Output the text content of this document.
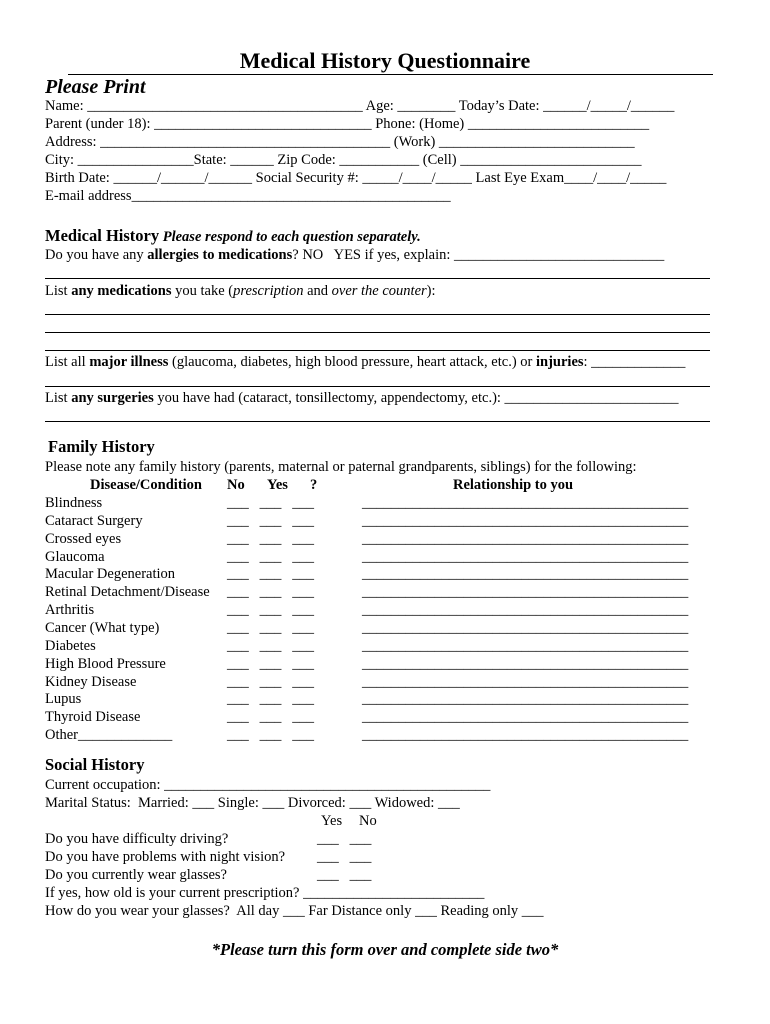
Medical History Questionnaire
Please Print
Name: ______________________________________ Age: ________ Today’s Date: ______/_____/______
Parent (under 18): ______________________________ Phone: (Home) _________________________
Address: ________________________________________ (Work) ___________________________
City: ________________State: ______ Zip Code: ___________ (Cell) _________________________
Birth Date: ______/______/______ Social Security #: _____/____/_____ Last Eye Exam____/____/_____
E-mail address____________________________________________
Medical History Please respond to each question separately.
Do you have any allergies to medications? NO   YES if yes, explain: _____________________________
List any medications you take (prescription and over the counter):
List all major illness (glaucoma, diabetes, high blood pressure, heart attack, etc.) or injuries: _____________
List any surgeries you have had (cataract, tonsillectomy, appendectomy, etc.): ________________________
Family History
Please note any family history (parents, maternal or paternal grandparents, siblings) for the following:
Disease/Condition No Yes ?	Relationship to you
Blindness	___   ___   ___	_____________________________________________
Cataract Surgery	___   ___   ___	_____________________________________________
Crossed eyes	___   ___   ___	_____________________________________________
Glaucoma	___   ___   ___	_____________________________________________
Macular Degeneration	___   ___   ___	_____________________________________________
Retinal Detachment/Disease ___   ___   ___	_____________________________________________
Arthritis	___   ___   ___	_____________________________________________
Cancer (What type)	___   ___   ___	_____________________________________________
Diabetes	___   ___   ___	_____________________________________________
High Blood Pressure	___   ___   ___	_____________________________________________
Kidney Disease	___   ___   ___	_____________________________________________
Lupus	___   ___   ___	_____________________________________________
Thyroid Disease	___   ___   ___	_____________________________________________
Other_____________	___   ___   ___	_____________________________________________
Social History
Current occupation: _____________________________________________
Marital Status:  Married: ___ Single: ___ Divorced: ___ Widowed: ___
Yes No
Do you have difficulty driving?	___   ___
Do you have problems with night vision? ___   ___
Do you currently wear glasses?	___   ___
If yes, how old is your current prescription? _________________________
How do you wear your glasses?  All day ___ Far Distance only ___ Reading only ___
*Please turn this form over and complete side two*
